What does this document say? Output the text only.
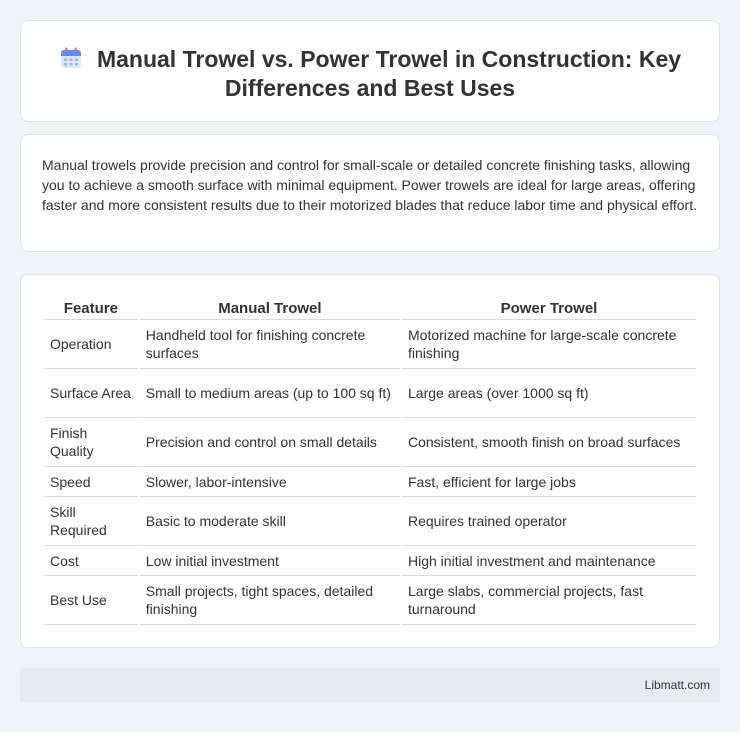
Manual Trowel vs. Power Trowel in Construction: Key Differences and Best Uses

Manual trowels provide precision and control for small-scale or detailed concrete finishing tasks, allowing you to achieve a smooth surface with minimal equipment. Power trowels are ideal for large areas, offering faster and more consistent results due to their motorized blades that reduce labor time and physical effort.

Feature	Manual Trowel	Power Trowel
Operation	Handheld tool for finishing concrete surfaces	Motorized machine for large-scale concrete finishing
Surface Area	Small to medium areas (up to 100 sq ft)	Large areas (over 1000 sq ft)
Finish Quality	Precision and control on small details	Consistent, smooth finish on broad surfaces
Speed	Slower, labor-intensive	Fast, efficient for large jobs
Skill Required	Basic to moderate skill	Requires trained operator
Cost	Low initial investment	High initial investment and maintenance
Best Use	Small projects, tight spaces, detailed finishing	Large slabs, commercial projects, fast turnaround
Libmatt.com
